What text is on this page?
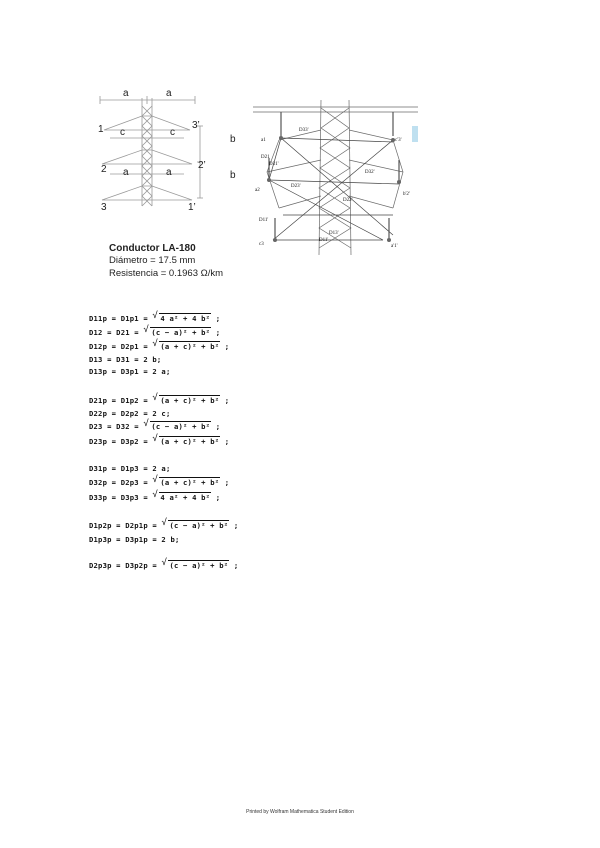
a	a
1 c	c
3’
b
2 a	a
2’
b
3	1’
D33'
a1	c'3'
D21
D31'
D32'
a2
D23'
b'2'
D22'
D11'
c3
D13'
D11'
a'1'
Conductor LA-180
Diámetro = 17.5 mm
Resistencia = 0.1963 Ω/km
D11p = D1p1 = √ 4 a² + 4 b² ;
D12 = D21 = √ (c − a)² + b² ;
D12p = D2p1 = √ (a + c)² + b² ;
D13 = D31 = 2 b;
D13p = D3p1 = 2 a;
D21p = D1p2 = √ (a + c)² + b² ;
D22p = D2p2 = 2 c;
D23 = D32 = √ (c − a)² + b² ;
D23p = D3p2 = √ (a + c)² + b² ;
D31p = D1p3 = 2 a;
D32p = D2p3 = √ (a + c)² + b² ;
D33p = D3p3 = √ 4 a² + 4 b² ;
D1p2p = D2p1p = √ (c − a)² + b² ;
D1p3p = D3p1p = 2 b;
D2p3p = D3p2p = √ (c − a)² + b² ;
Printed by Wolfram Mathematica Student Edition
